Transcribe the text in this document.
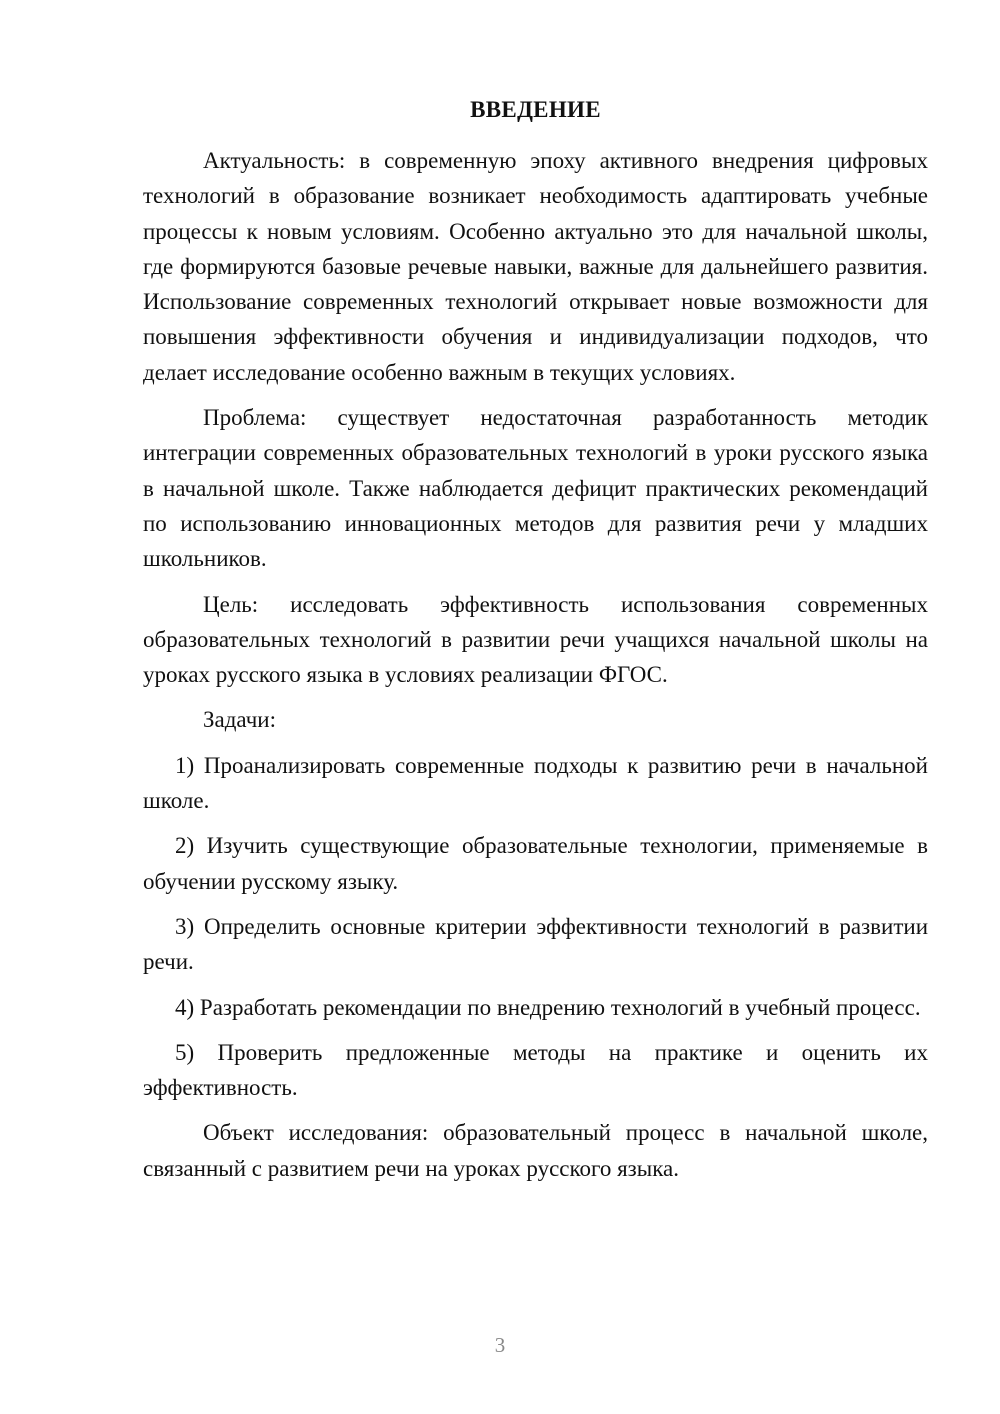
ВВЕДЕНИЕ

Актуальность: в современную эпоху активного внедрения цифровых технологий в образование возникает необходимость адаптировать учебные процессы к новым условиям. Особенно актуально это для начальной школы, где формируются базовые речевые навыки, важные для дальнейшего развития. Использование современных технологий открывает новые возможности для повышения эффективности обучения и индивидуализации подходов, что делает исследование особенно важным в текущих условиях.

Проблема: существует недостаточная разработанность методик интеграции современных образовательных технологий в уроки русского языка в начальной школе. Также наблюдается дефицит практических рекомендаций по использованию инновационных методов для развития речи у младших школьников.

Цель: исследовать эффективность использования современных образовательных технологий в развитии речи учащихся начальной школы на уроках русского языка в условиях реализации ФГОС.

Задачи:

1) Проанализировать современные подходы к развитию речи в начальной школе.

2) Изучить существующие образовательные технологии, применяемые в обучении русскому языку.

3) Определить основные критерии эффективности технологий в развитии речи.

4) Разработать рекомендации по внедрению технологий в учебный процесс.

5) Проверить предложенные методы на практике и оценить их эффективность.

Объект исследования: образовательный процесс в начальной школе, связанный с развитием речи на уроках русского языка.

3
